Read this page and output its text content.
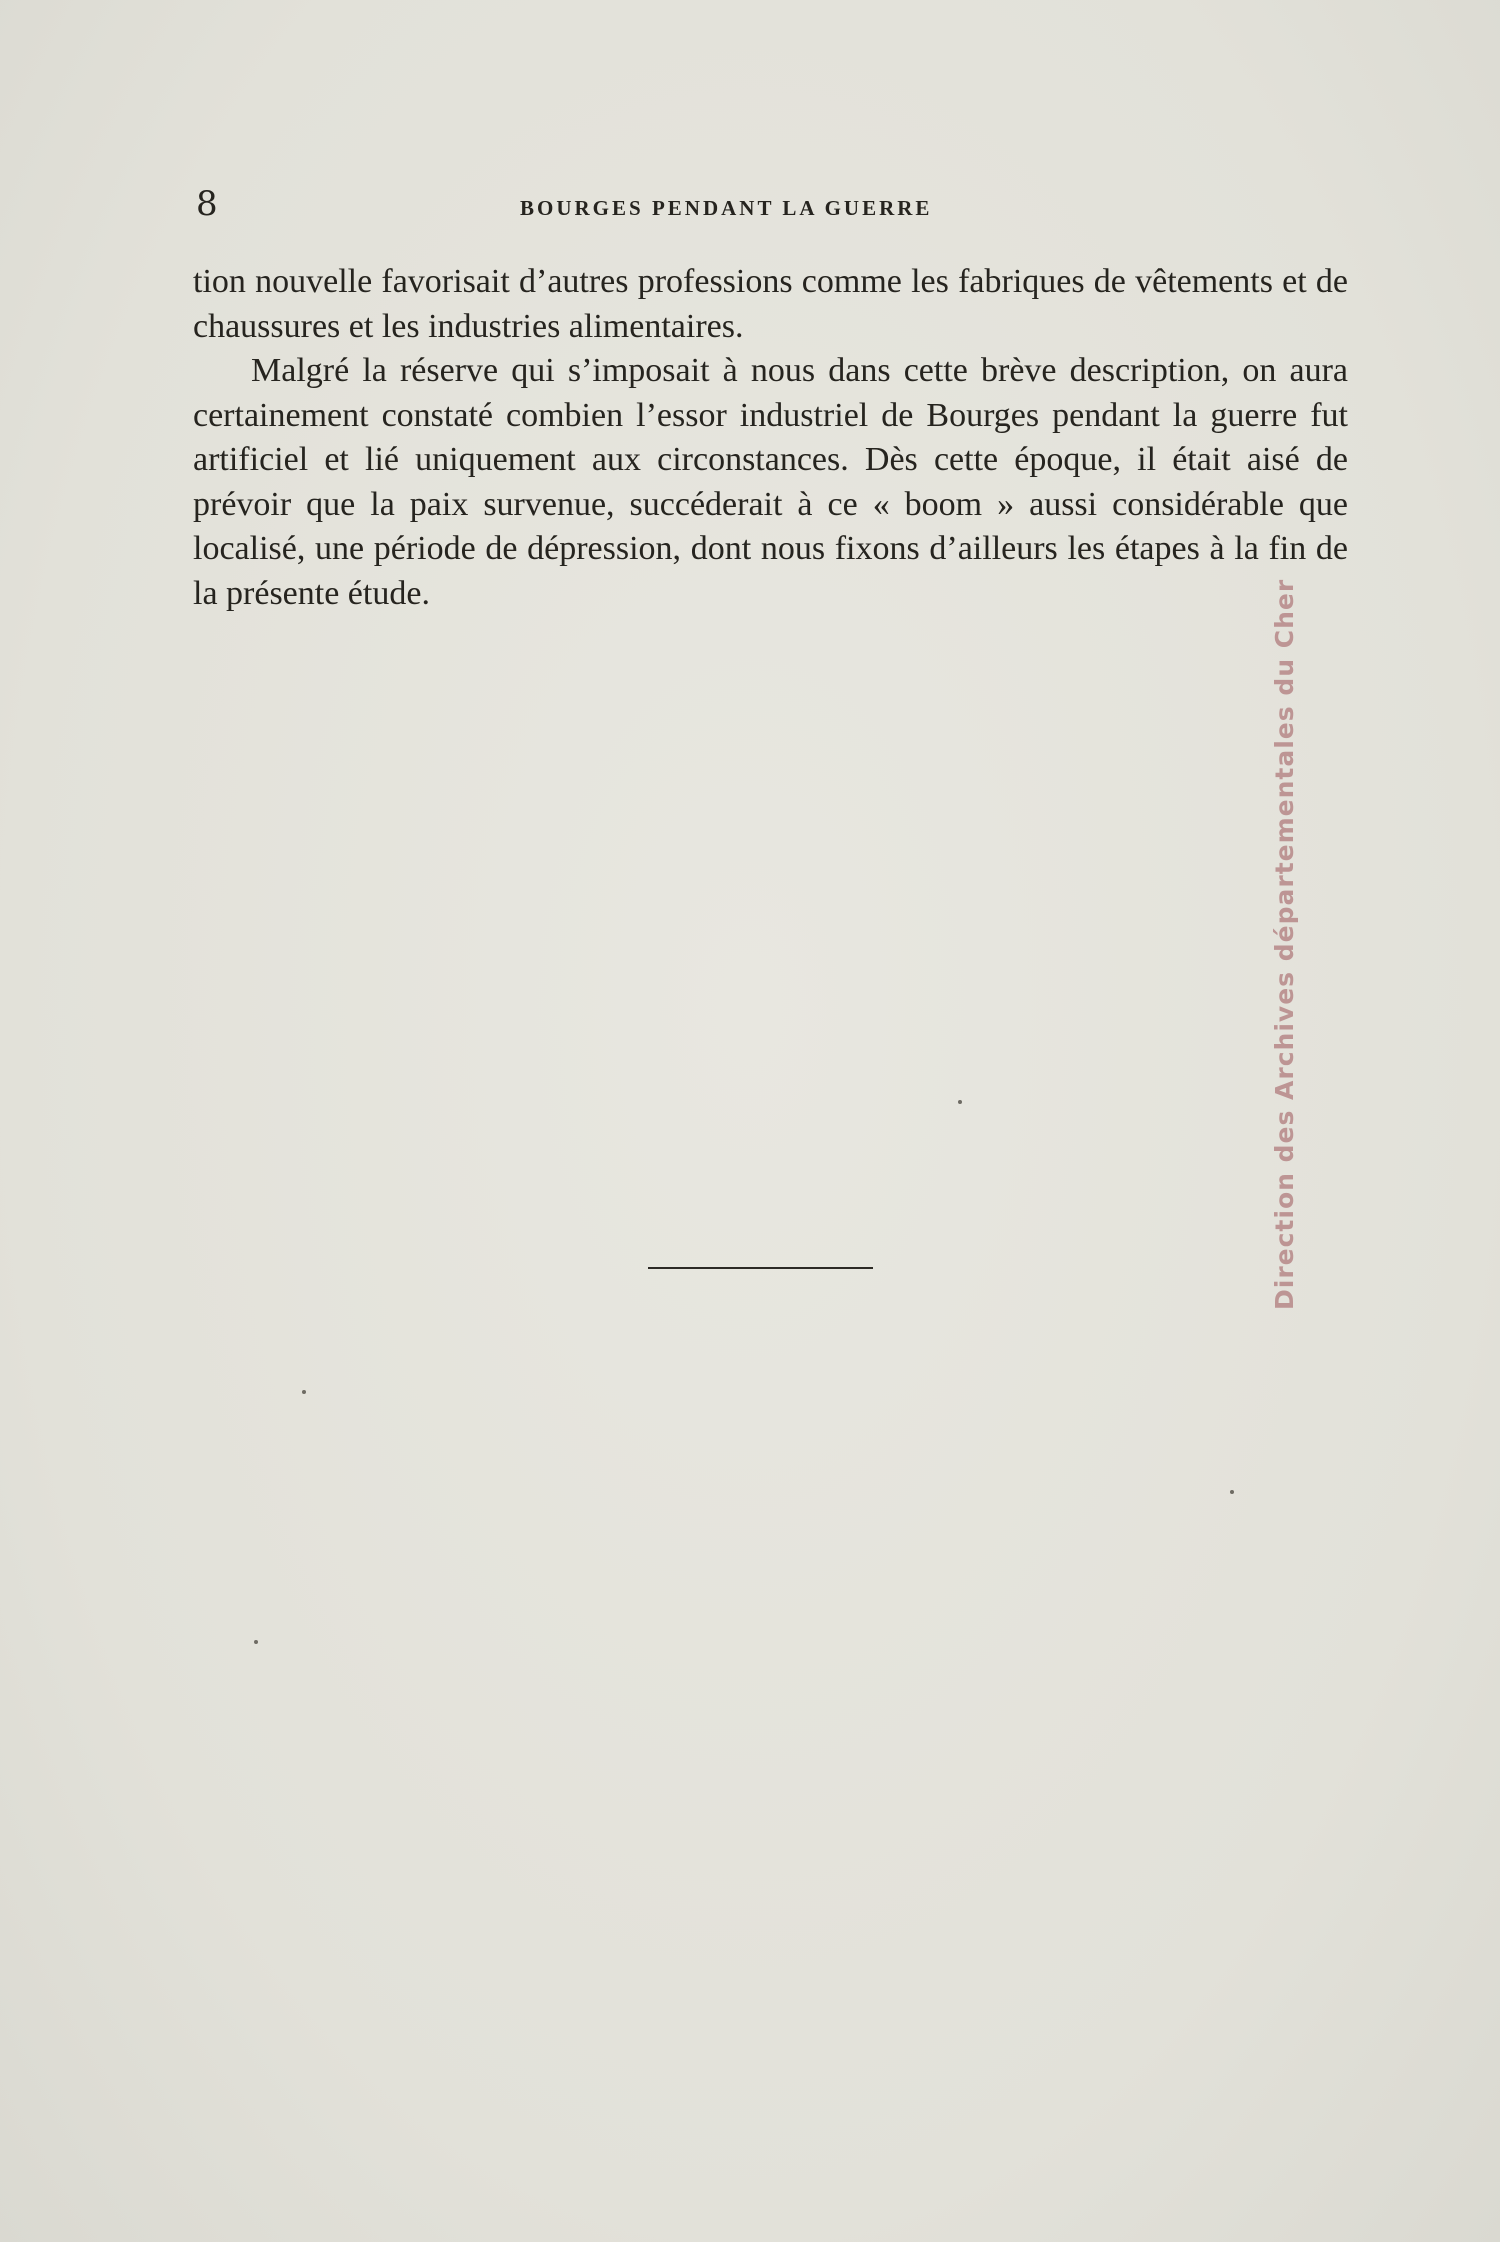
8	BOURGES PENDANT LA GUERRE

tion nouvelle favorisait d’autres professions comme les fabriques de vêtements et de chaussures et les industries alimentaires.

Malgré la réserve qui s’imposait à nous dans cette brève description, on aura certainement constaté combien l’essor industriel de Bourges pendant la guerre fut artificiel et lié uniquement aux circonstances. Dès cette époque, il était aisé de prévoir que la paix survenue, succéderait à ce « boom » aussi considérable que localisé, une période de dépression, dont nous fixons d’ailleurs les étapes à la fin de la présente étude.	Direction des Archives départementales du Cher
